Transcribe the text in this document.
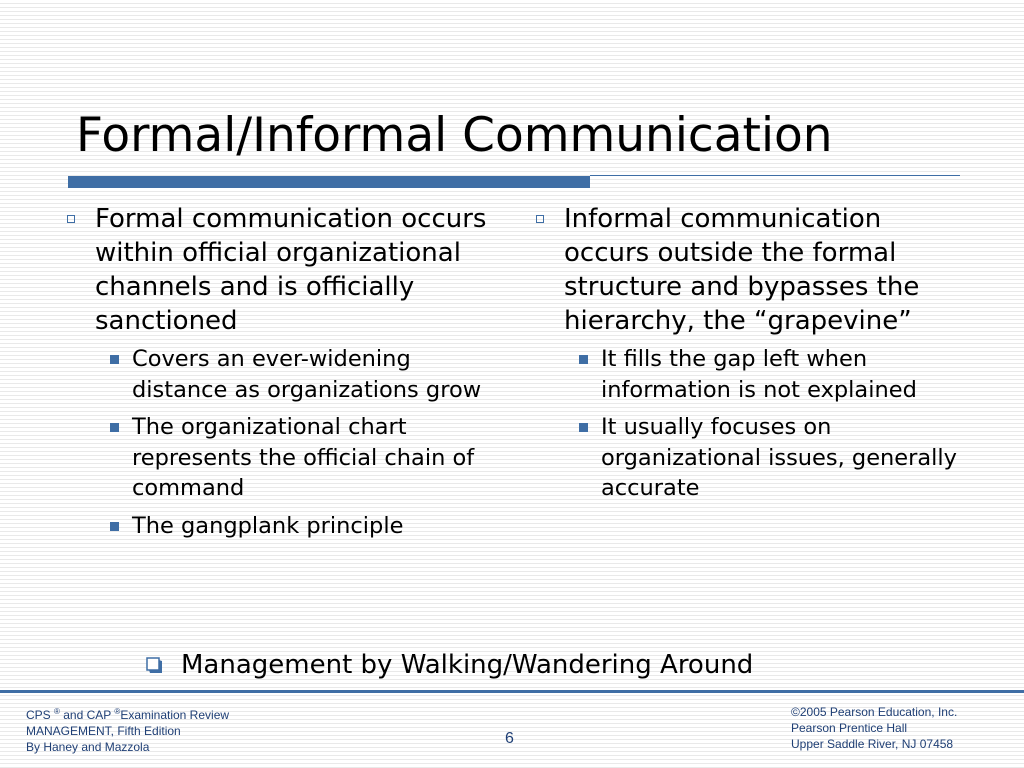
Formal/Informal Communication
Formal communication occurs within official organizational channels and is officially sanctioned
Covers an ever-widening distance as organizations grow
The organizational chart represents the official chain of command
The gangplank principle
Informal communication occurs outside the formal structure and bypasses the hierarchy, the “grapevine”
It fills the gap left when information is not explained
It usually focuses on organizational issues, generally accurate
Management by Walking/Wandering Around
CPS ® and CAP ®Examination Review
MANAGEMENT, Fifth Edition
By Haney and Mazzola	6
©2005 Pearson Education, Inc.
Pearson Prentice Hall
Upper Saddle River, NJ 07458
